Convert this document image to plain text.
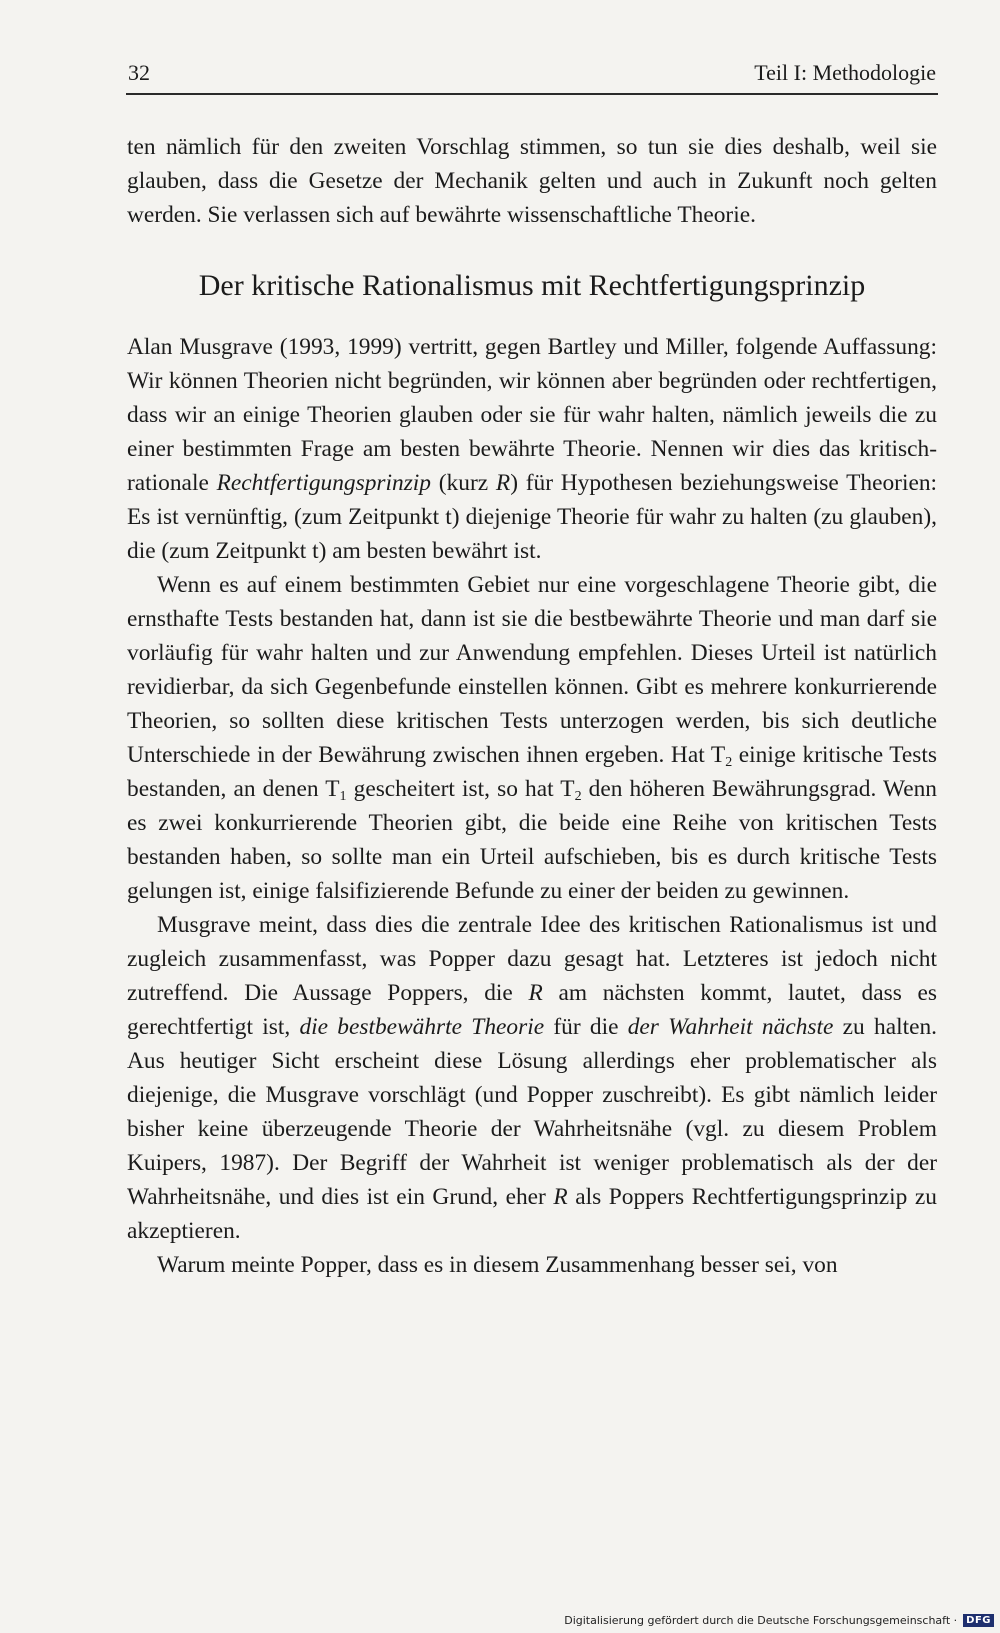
32	Teil I: Methodologie

ten nämlich für den zweiten Vorschlag stimmen, so tun sie dies deshalb, weil sie glauben, dass die Gesetze der Mechanik gelten und auch in Zukunft noch gelten werden. Sie verlassen sich auf bewährte wissenschaftliche Theorie.

Der kritische Rationalismus mit Rechtfertigungsprinzip

Alan Musgrave (1993, 1999) vertritt, gegen Bartley und Miller, folgende Auffassung: Wir können Theorien nicht begründen, wir können aber begründen oder rechtfertigen, dass wir an einige Theorien glauben oder sie für wahr halten, nämlich jeweils die zu einer bestimmten Frage am besten bewährte Theorie. Nennen wir dies das kritisch-rationale Rechtfertigungsprinzip (kurz R) für Hypothesen beziehungsweise Theorien: Es ist vernünftig, (zum Zeitpunkt t) diejenige Theorie für wahr zu halten (zu glauben), die (zum Zeitpunkt t) am besten bewährt ist.

Wenn es auf einem bestimmten Gebiet nur eine vorgeschlagene Theorie gibt, die ernsthafte Tests bestanden hat, dann ist sie die bestbewährte Theorie und man darf sie vorläufig für wahr halten und zur Anwendung empfehlen. Dieses Urteil ist natürlich revidierbar, da sich Gegenbefunde einstellen können. Gibt es mehrere konkurrierende Theorien, so sollten diese kritischen Tests unterzogen werden, bis sich deutliche Unterschiede in der Bewährung zwischen ihnen ergeben. Hat $T_2$ einige kritische Tests bestanden, an denen $T_1$ gescheitert ist, so hat $T_2$ den höheren Bewährungsgrad. Wenn es zwei konkurrierende Theorien gibt, die beide eine Reihe von kritischen Tests bestanden haben, so sollte man ein Urteil aufschieben, bis es durch kritische Tests gelungen ist, einige falsifizierende Befunde zu einer der beiden zu gewinnen.

Musgrave meint, dass dies die zentrale Idee des kritischen Rationalismus ist und zugleich zusammenfasst, was Popper dazu gesagt hat. Letzteres ist jedoch nicht zutreffend. Die Aussage Poppers, die R am nächsten kommt, lautet, dass es gerechtfertigt ist, die bestbewährte Theorie für die der Wahrheit nächste zu halten. Aus heutiger Sicht erscheint diese Lösung allerdings eher problematischer als diejenige, die Musgrave vorschlägt (und Popper zuschreibt). Es gibt nämlich leider bisher keine überzeugende Theorie der Wahrheitsnähe (vgl. zu diesem Problem Kuipers, 1987). Der Begriff der Wahrheit ist weniger problematisch als der der Wahrheitsnähe, und dies ist ein Grund, eher R als Poppers Rechtfertigungsprinzip zu akzeptieren.

Warum meinte Popper, dass es in diesem Zusammenhang besser sei, von

Digitalisierung gefördert durch die Deutsche Forschungsgemeinschaft · DFG
